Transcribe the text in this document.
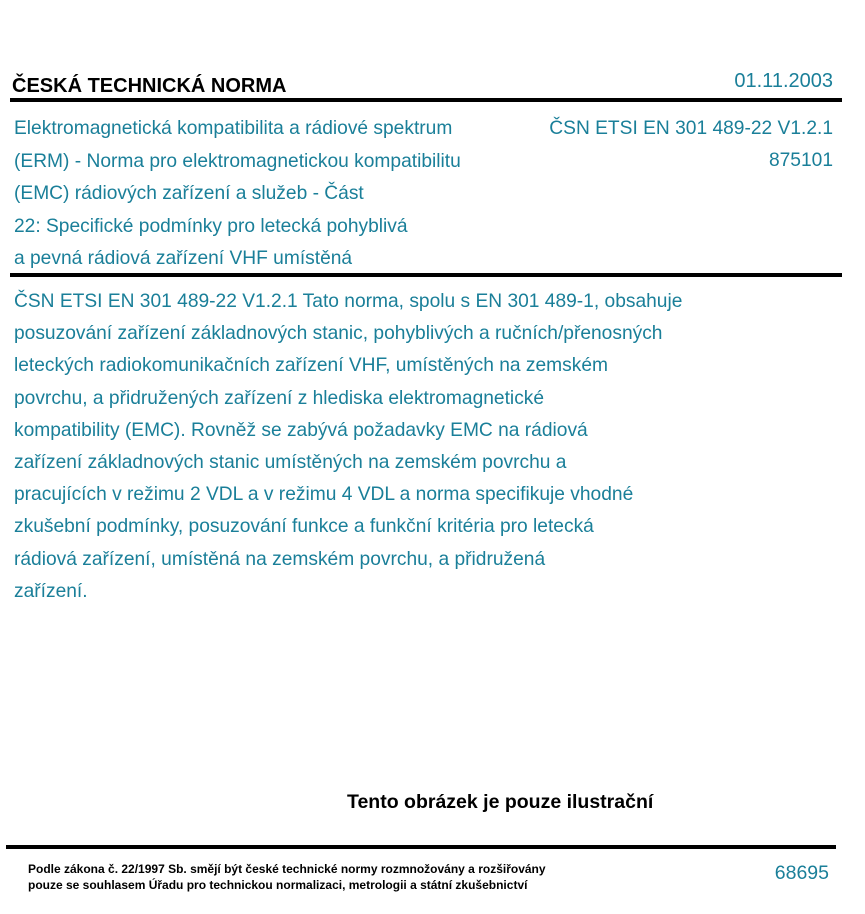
ČESKÁ TECHNICKÁ NORMA	01.11.2003
Elektromagnetická kompatibilita a rádiové spektrum
(ERM) - Norma pro elektromagnetickou kompatibilitu
(EMC) rádiových zařízení a služeb - Část
22: Specifické podmínky pro letecká pohyblivá
a pevná rádiová zařízení VHF umístěná
ČSN ETSI EN 301 489-22 V1.2.1
875101
ČSN ETSI EN 301 489-22 V1.2.1 Tato norma, spolu s EN 301 489-1, obsahuje
posuzování zařízení základnových stanic, pohyblivých a ručních/přenosných
leteckých radiokomunikačních zařízení VHF, umístěných na zemském
povrchu, a přidružených zařízení z hlediska elektromagnetické
kompatibility (EMC). Rovněž se zabývá požadavky EMC na rádiová
zařízení základnových stanic umístěných na zemském povrchu a
pracujících v režimu 2 VDL a v režimu 4 VDL a norma specifikuje vhodné
zkušební podmínky, posuzování funkce a funkční kritéria pro letecká
rádiová zařízení, umístěná na zemském povrchu, a přidružená
zařízení.
Tento obrázek je pouze ilustrační
Podle zákona č. 22/1997 Sb. smějí být české technické normy rozmnožovány a rozšiřovány
pouze se souhlasem Úřadu pro technickou normalizaci, metrologii a státní zkušebnictví
68695
